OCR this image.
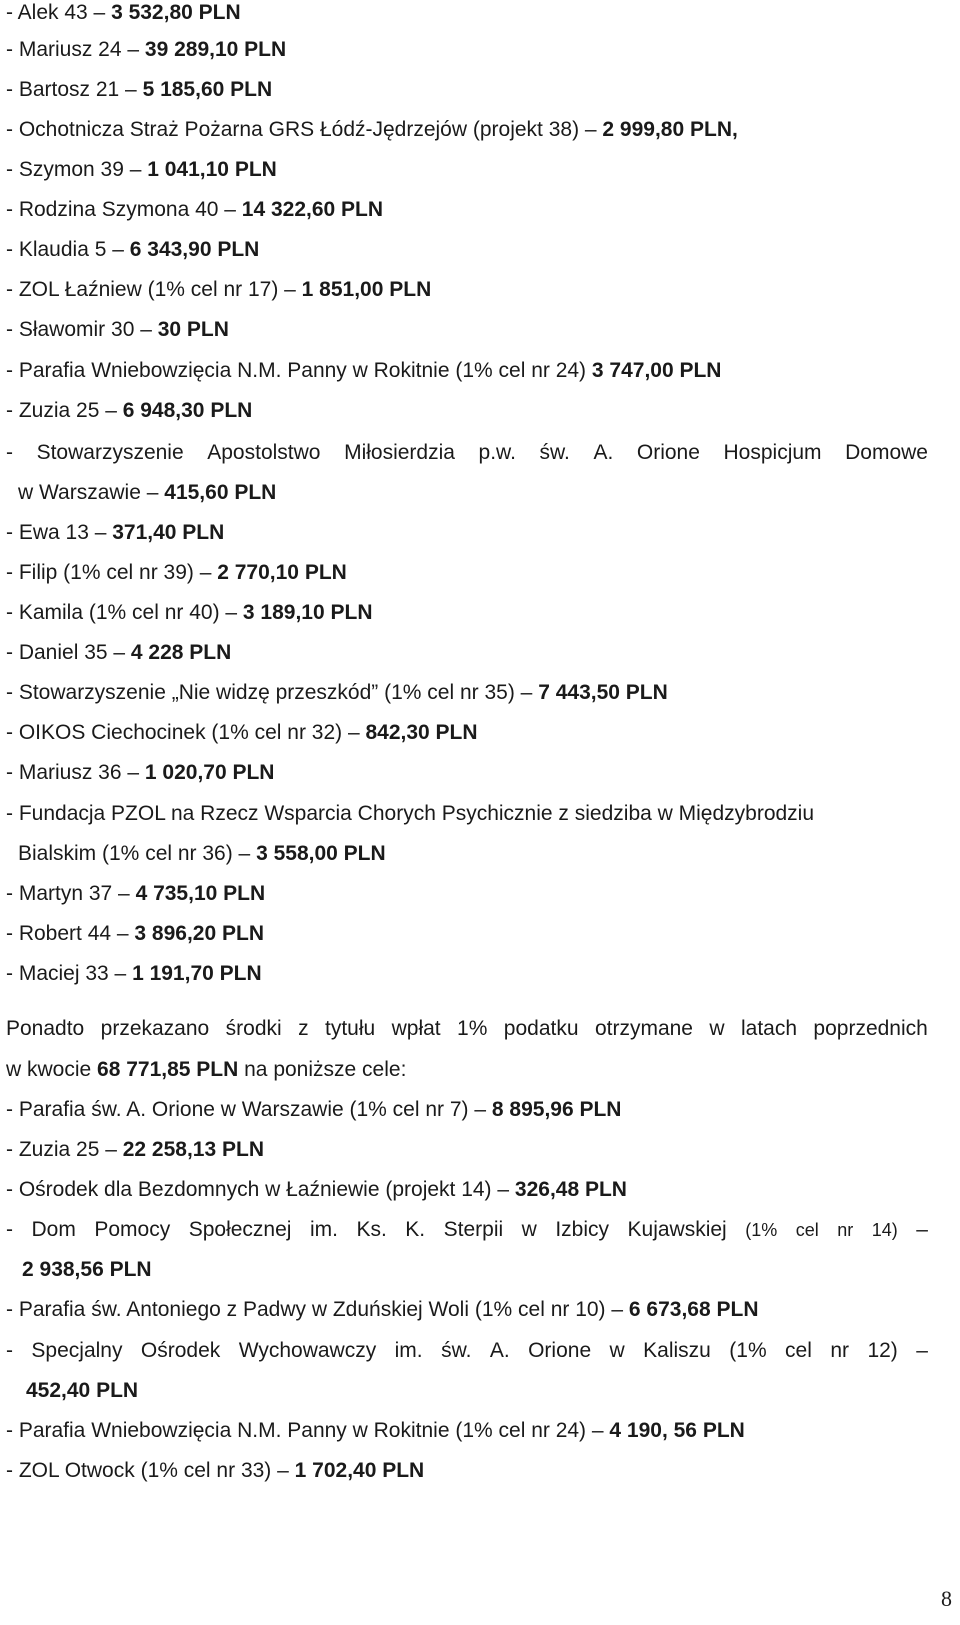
- Alek 43 – 3 532,80 PLN
- Mariusz 24 – 39 289,10 PLN
- Bartosz 21 – 5 185,60 PLN
- Ochotnicza Straż Pożarna GRS Łódź-Jędrzejów (projekt 38) – 2 999,80 PLN,
- Szymon 39 – 1 041,10 PLN
- Rodzina Szymona 40 – 14 322,60 PLN
- Klaudia 5 – 6 343,90 PLN
- ZOL Łaźniew (1% cel nr 17) – 1 851,00 PLN
- Sławomir 30 – 30 PLN
- Parafia Wniebowzięcia N.M. Panny w Rokitnie (1% cel nr 24) 3 747,00 PLN
- Zuzia 25 – 6 948,30 PLN
- Stowarzyszenie Apostolstwo Miłosierdzia p.w. św. A. Orione Hospicjum Domowe
w Warszawie – 415,60 PLN
- Ewa 13 – 371,40 PLN
- Filip (1% cel nr 39) – 2 770,10 PLN
- Kamila (1% cel nr 40) – 3 189,10 PLN
- Daniel 35 – 4 228 PLN
- Stowarzyszenie „Nie widzę przeszkód” (1% cel nr 35) – 7 443,50 PLN
- OIKOS Ciechocinek (1% cel nr 32) – 842,30 PLN
- Mariusz 36 – 1 020,70 PLN
- Fundacja PZOL na Rzecz Wsparcia Chorych Psychicznie z siedziba w Międzybrodziu
Bialskim (1% cel nr 36) – 3 558,00 PLN
- Martyn 37 – 4 735,10 PLN
- Robert 44 – 3 896,20 PLN
- Maciej 33 – 1 191,70 PLN
Ponadto przekazano środki z tytułu wpłat 1% podatku otrzymane w latach poprzednich
w kwocie 68 771,85 PLN na poniższe cele:
- Parafia św. A. Orione w Warszawie (1% cel nr 7) – 8 895,96 PLN
- Zuzia 25 – 22 258,13 PLN
- Ośrodek dla Bezdomnych w Łaźniewie (projekt 14) – 326,48 PLN
- Dom Pomocy Społecznej im. Ks. K. Sterpii w Izbicy Kujawskiej (1% cel nr 14) –
2 938,56 PLN
- Parafia św. Antoniego z Padwy w Zduńskiej Woli (1% cel nr 10) – 6 673,68 PLN
- Specjalny Ośrodek Wychowawczy im. św. A. Orione w Kaliszu (1% cel nr 12) –
452,40 PLN
- Parafia Wniebowzięcia N.M. Panny w Rokitnie (1% cel nr 24) – 4 190, 56 PLN
- ZOL Otwock (1% cel nr 33) – 1 702,40 PLN
8
